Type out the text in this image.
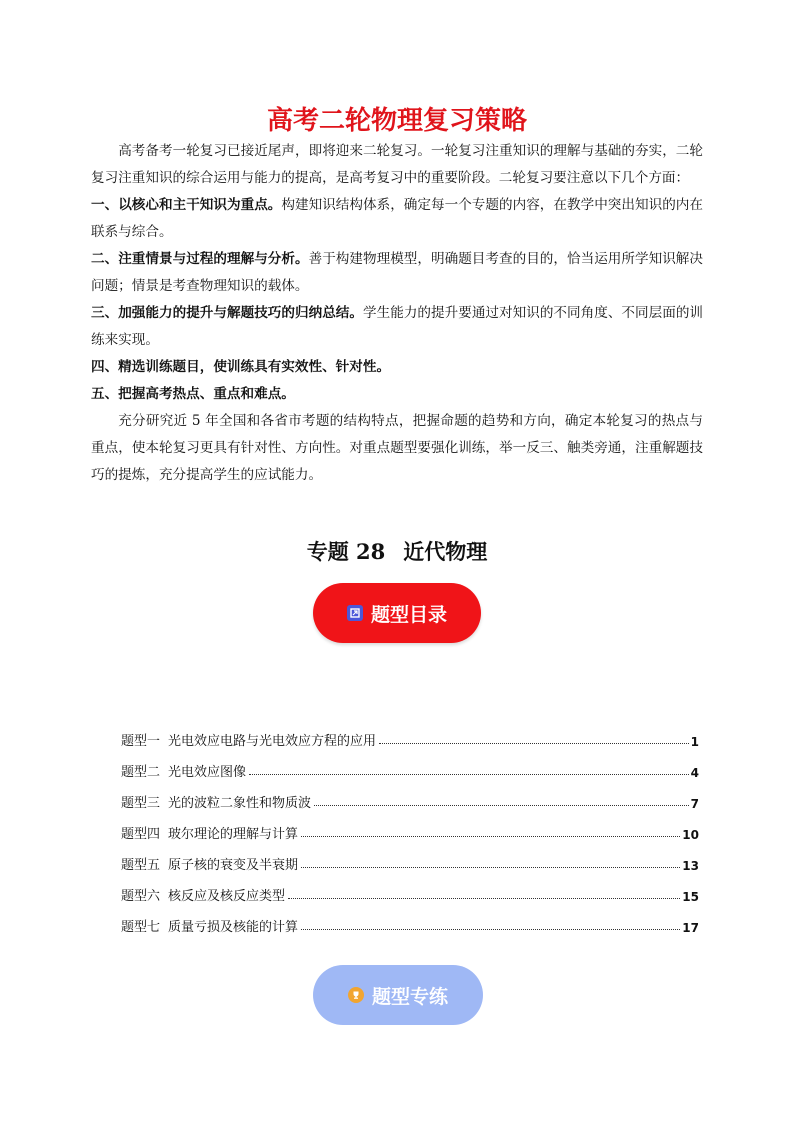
高考二轮物理复习策略

高考备考一轮复习已接近尾声，即将迎来二轮复习。一轮复习注重知识的理解与基础的夯实，二轮复习注重知识的综合运用与能力的提高，是高考复习中的重要阶段。二轮复习要注意以下几个方面：

一、以核心和主干知识为重点。构建知识结构体系，确定每一个专题的内容，在教学中突出知识的内在联系与综合。

二、注重情景与过程的理解与分析。善于构建物理模型，明确题目考查的目的，恰当运用所学知识解决问题；情景是考查物理知识的载体。

三、加强能力的提升与解题技巧的归纳总结。学生能力的提升要通过对知识的不同角度、不同层面的训练来实现。

四、精选训练题目，使训练具有实效性、针对性。

五、把握高考热点、重点和难点。

充分研究近 5 年全国和各省市考题的结构特点，把握命题的趋势和方向，确定本轮复习的热点与重点，使本轮复习更具有针对性、方向性。对重点题型要强化训练，举一反三、触类旁通，注重解题技巧的提炼，充分提高学生的应试能力。

专题 28 近代物理
题型目录
题型一 光电效应电路与光电效应方程的应用	1
题型二 光电效应图像	4
题型三 光的波粒二象性和物质波	7
题型四 玻尔理论的理解与计算	10
题型五 原子核的衰变及半衰期	13
题型六 核反应及核反应类型	15
题型七 质量亏损及核能的计算	17
题型专练
